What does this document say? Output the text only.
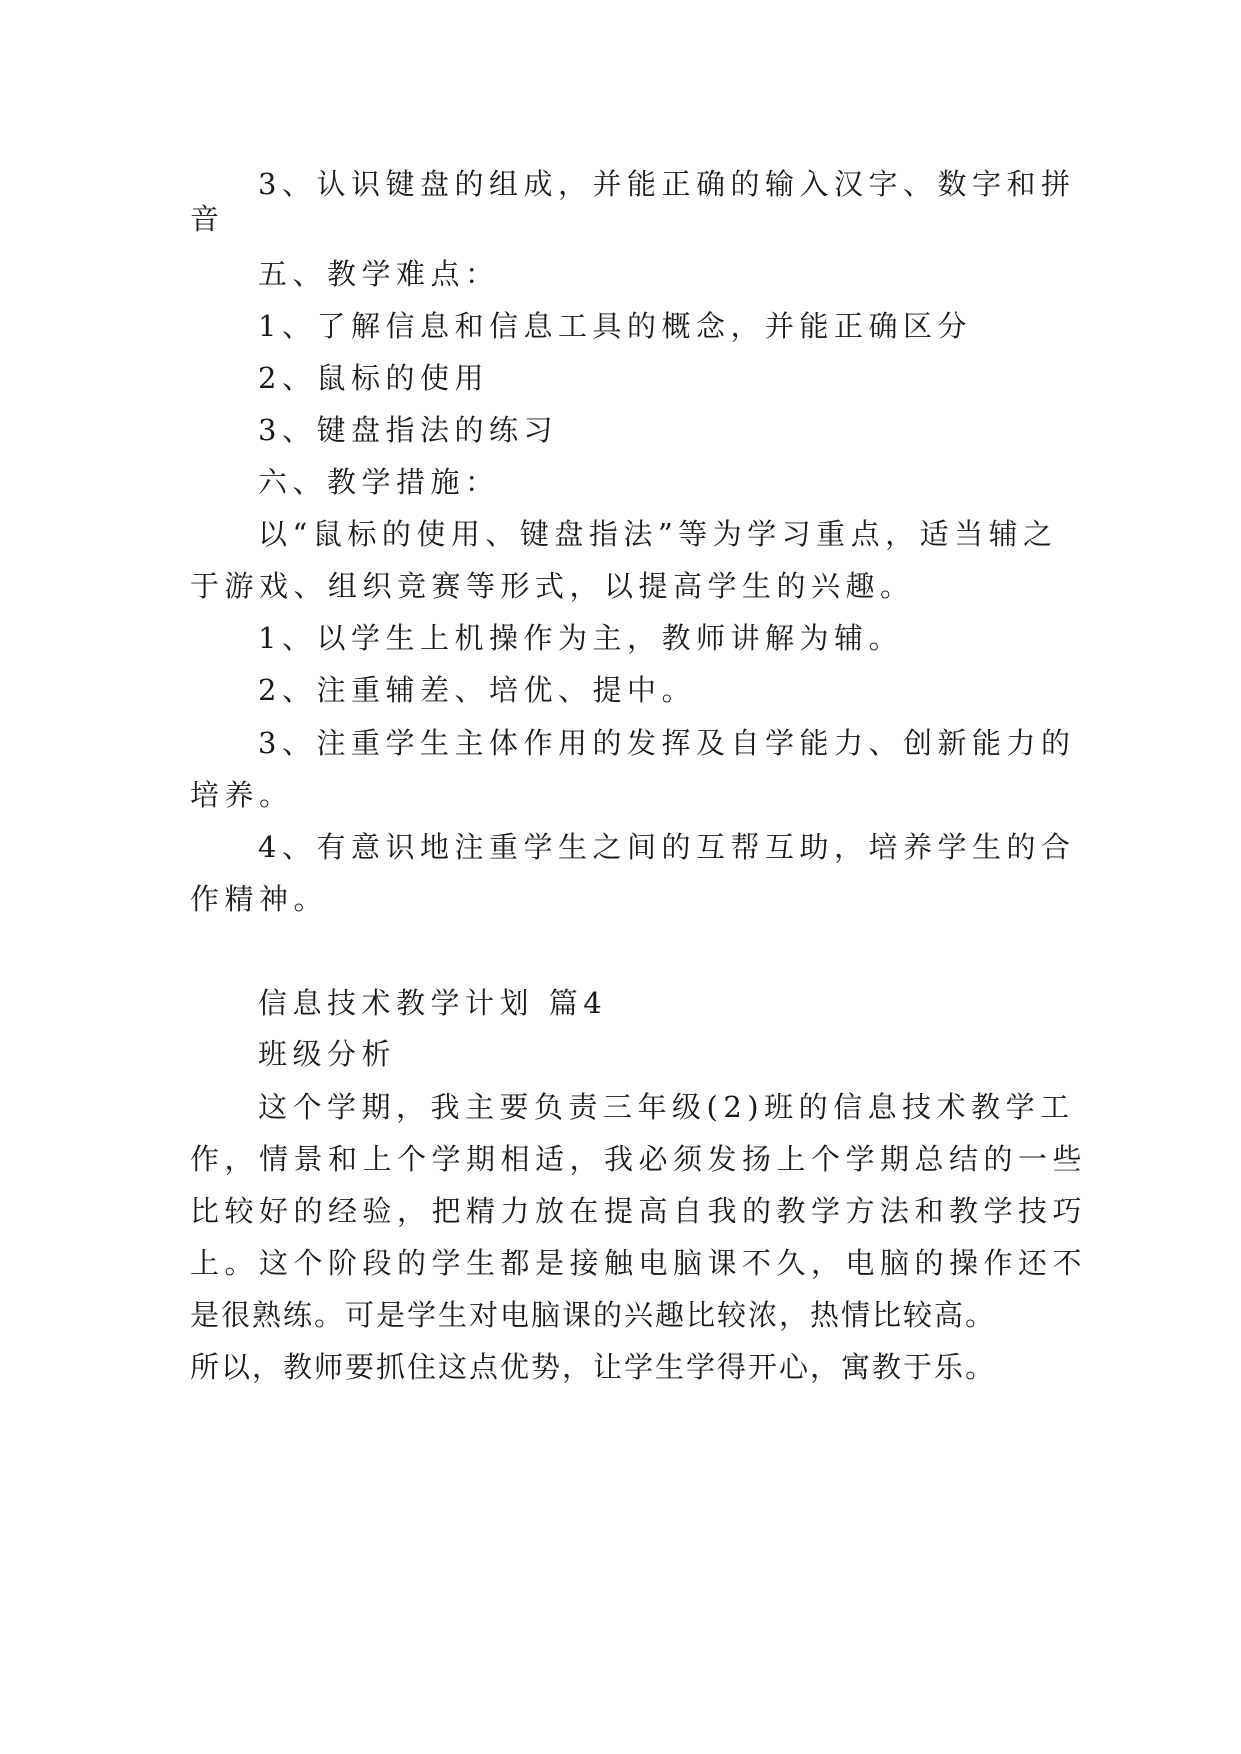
3、认识键盘的组成，并能正确的输入汉字、数字和拼
音
五、教学难点：
1、了解信息和信息工具的概念，并能正确区分
2、鼠标的使用
3、键盘指法的练习
六、教学措施：
以“鼠标的使用、键盘指法”等为学习重点，适当辅之
于游戏、组织竞赛等形式，以提高学生的兴趣。
1、以学生上机操作为主，教师讲解为辅。
2、注重辅差、培优、提中。
3、注重学生主体作用的发挥及自学能力、创新能力的
培养。
4、有意识地注重学生之间的互帮互助，培养学生的合
作精神。
信息技术教学计划 篇4
班级分析
这个学期，我主要负责三年级(2)班的信息技术教学工
作，情景和上个学期相适，我必须发扬上个学期总结的一些
比较好的经验，把精力放在提高自我的教学方法和教学技巧
上。这个阶段的学生都是接触电脑课不久，电脑的操作还不
是很熟练。可是学生对电脑课的兴趣比较浓，热情比较高。
所以，教师要抓住这点优势，让学生学得开心，寓教于乐。
